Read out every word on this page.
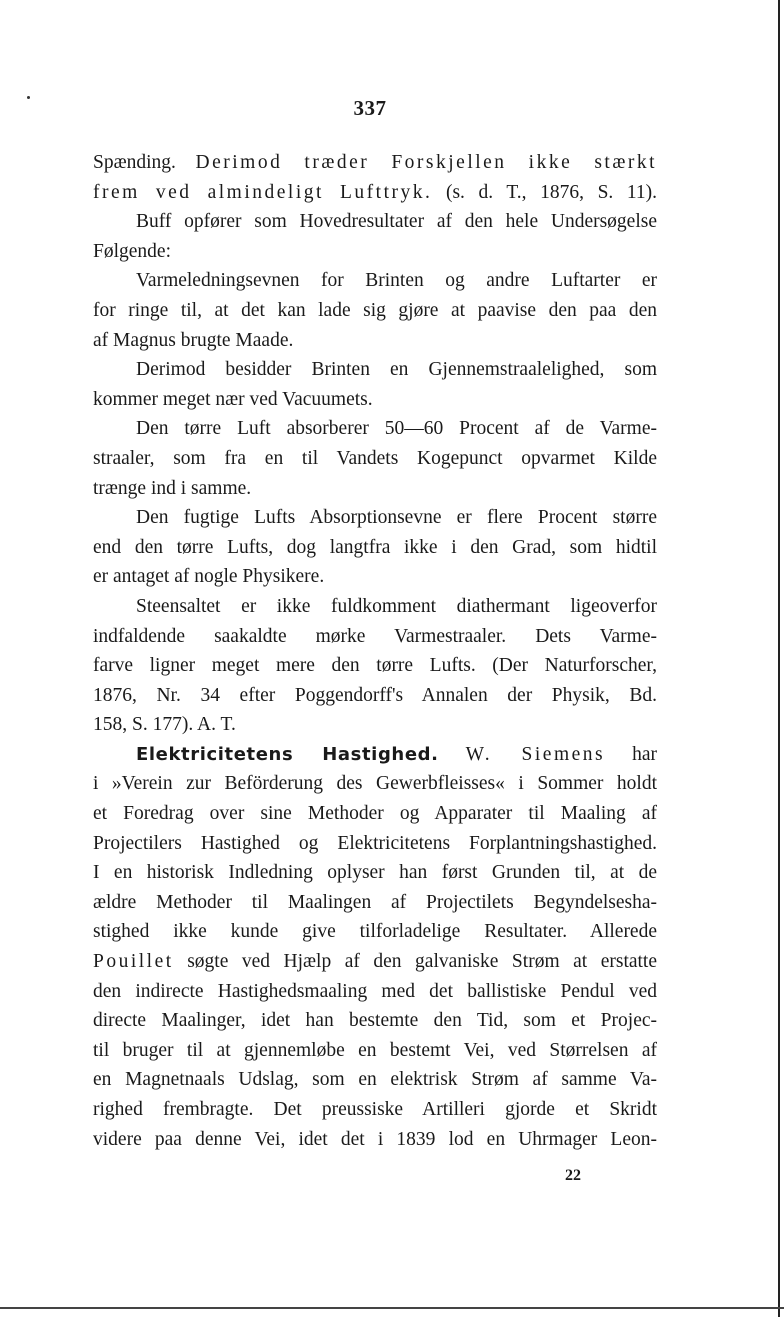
337
Spænding. Derimod træder Forskjellen ikke stærkt
frem ved almindeligt Lufttryk. (s. d. T., 1876, S. 11).
Buff opfører som Hovedresultater af den hele Undersøgelse
Følgende:
Varmeledningsevnen for Brinten og andre Luftarter er
for ringe til, at det kan lade sig gjøre at paavise den paa den
af Magnus brugte Maade.
Derimod besidder Brinten en Gjennemstraalelighed, som
kommer meget nær ved Vacuumets.
Den tørre Luft absorberer 50—60 Procent af de Varme-
straaler, som fra en til Vandets Kogepunct opvarmet Kilde
trænge ind i samme.
Den fugtige Lufts Absorptionsevne er flere Procent større
end den tørre Lufts, dog langtfra ikke i den Grad, som hidtil
er antaget af nogle Physikere.
Steensaltet er ikke fuldkomment diathermant ligeoverfor
indfaldende saakaldte mørke Varmestraaler. Dets Varme-
farve ligner meget mere den tørre Lufts. (Der Naturforscher,
1876, Nr. 34 efter Poggendorff's Annalen der Physik, Bd.
158, S. 177). A. T.
Elektricitetens Hastighed. W. Siemens har
i »Verein zur Beförderung des Gewerbfleisses« i Sommer holdt
et Foredrag over sine Methoder og Apparater til Maaling af
Projectilers Hastighed og Elektricitetens Forplantningshastighed.
I en historisk Indledning oplyser han først Grunden til, at de
ældre Methoder til Maalingen af Projectilets Begyndelsesha-
stighed ikke kunde give tilforladelige Resultater. Allerede
Pouillet søgte ved Hjælp af den galvaniske Strøm at erstatte
den indirecte Hastighedsmaaling med det ballistiske Pendul ved
directe Maalinger, idet han bestemte den Tid, som et Projec-
til bruger til at gjennemløbe en bestemt Vei, ved Størrelsen af
en Magnetnaals Udslag, som en elektrisk Strøm af samme Va-
righed frembragte. Det preussiske Artilleri gjorde et Skridt
videre paa denne Vei, idet det i 1839 lod en Uhrmager Leon-
22
